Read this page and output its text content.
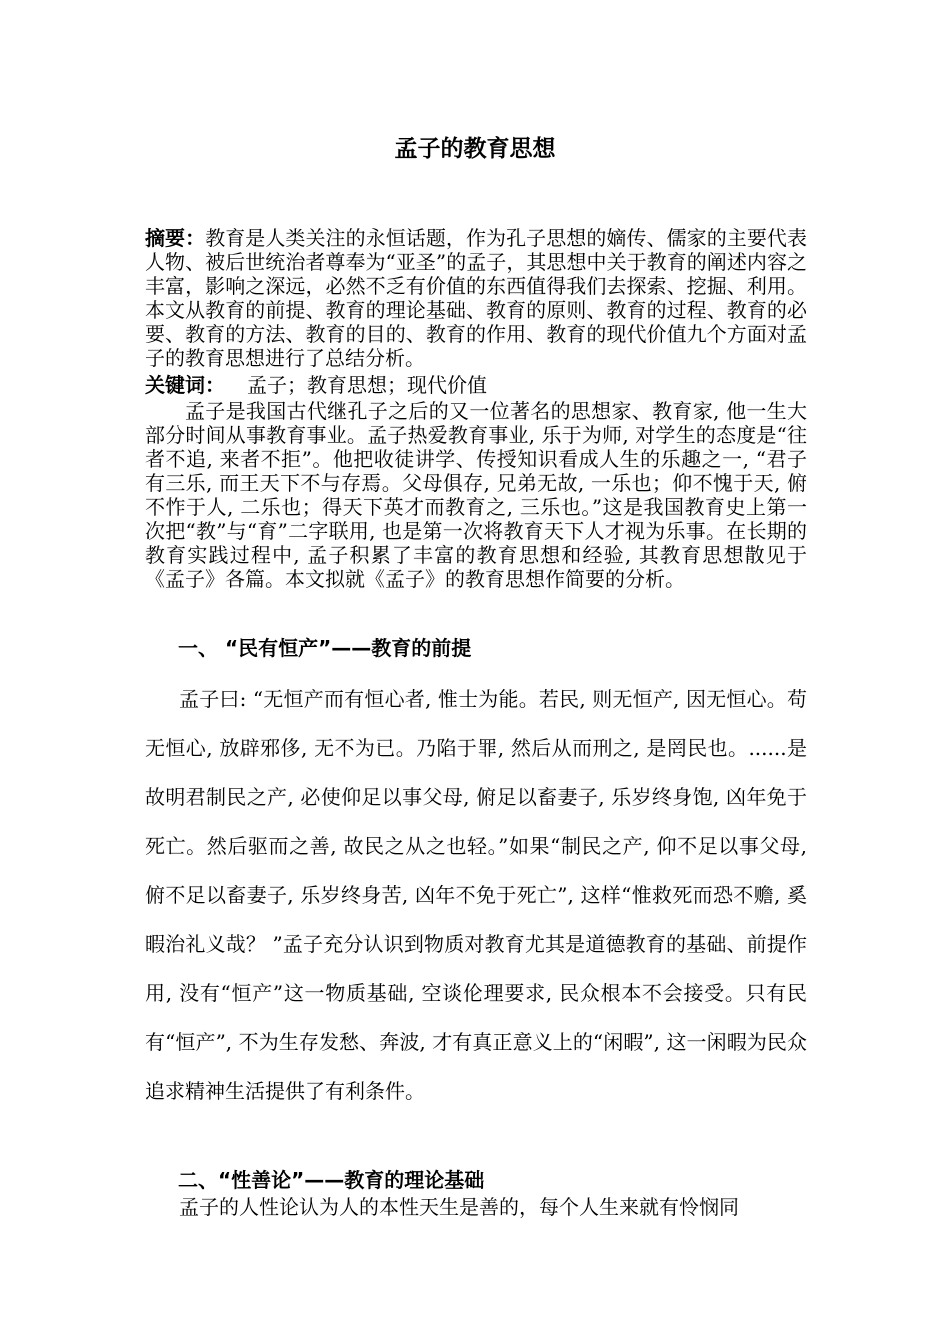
孟子的教育思想
摘要：教育是人类关注的永恒话题，作为孔子思想的嫡传、儒家的主要代表人物、被后世统治者尊奉为“亚圣”的孟子，其思想中关于教育的阐述内容之丰富，影响之深远，必然不乏有价值的东西值得我们去探索、挖掘、利用。本文从教育的前提、教育的理论基础、教育的原则、教育的过程、教育的必要、教育的方法、教育的目的、教育的作用、教育的现代价值九个方面对孟子的教育思想进行了总结分析。
关键词： 孟子；教育思想；现代价值
孟子是我国古代继孔子之后的又一位著名的思想家、教育家, 他一生大部分时间从事教育事业。孟子热爱教育事业, 乐于为师, 对学生的态度是“往者不追, 来者不拒”。他把收徒讲学、传授知识看成人生的乐趣之一, “君子有三乐, 而王天下不与存焉。父母俱存, 兄弟无故, 一乐也；仰不愧于天, 俯不怍于人, 二乐也；得天下英才而教育之, 三乐也。”这是我国教育史上第一次把“教”与“育”二字联用, 也是第一次将教育天下人才视为乐事。在长期的教育实践过程中, 孟子积累了丰富的教育思想和经验, 其教育思想散见于《孟子》各篇。本文拟就《孟子》的教育思想作简要的分析。
一、 “民有恒产”——教育的前提
孟子曰: “无恒产而有恒心者, 惟士为能。若民, 则无恒产, 因无恒心。苟无恒心, 放辟邪侈, 无不为已。乃陷于罪, 然后从而刑之, 是罔民也。......是故明君制民之产, 必使仰足以事父母, 俯足以畜妻子, 乐岁终身饱, 凶年免于死亡。然后驱而之善, 故民之从之也轻。”如果“制民之产, 仰不足以事父母, 俯不足以畜妻子, 乐岁终身苦, 凶年不免于死亡”, 这样“惟救死而恐不赡, 奚暇治礼义哉？ ”孟子充分认识到物质对教育尤其是道德教育的基础、前提作用, 没有“恒产”这一物质基础, 空谈伦理要求, 民众根本不会接受。只有民有“恒产”, 不为生存发愁、奔波, 才有真正意义上的“闲暇”, 这一闲暇为民众追求精神生活提供了有利条件。
二、“性善论”——教育的理论基础
孟子的人性论认为人的本性天生是善的，每个人生来就有怜悯同
